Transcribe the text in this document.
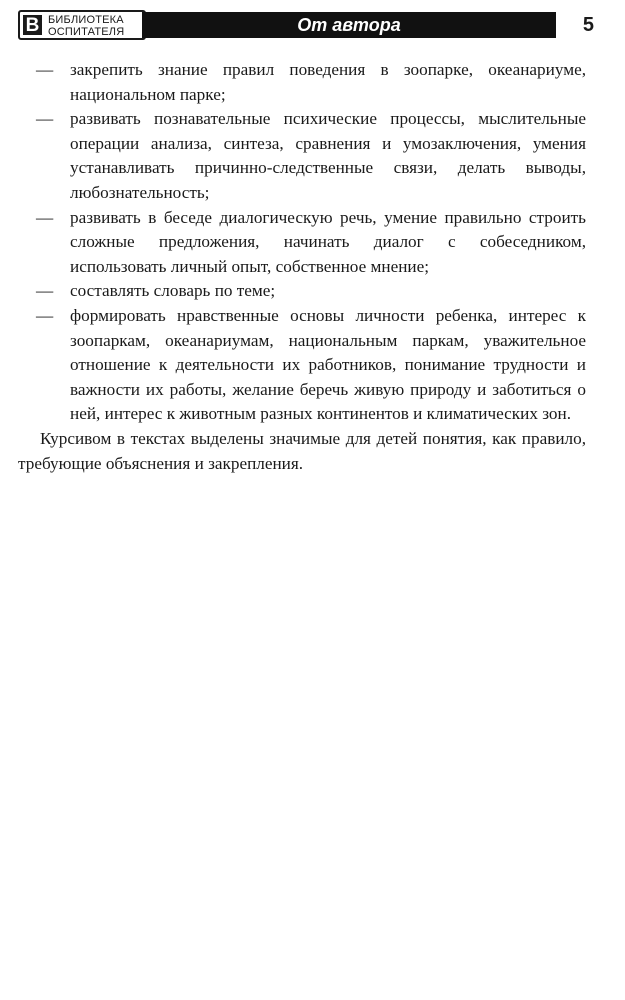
В БИБЛИОТЕКА
ОСПИТАТЕЛЯ	От автора	5
— закрепить знание правил поведения в зоопарке, океанариуме, национальном парке;
— развивать познавательные психические процессы, мыслительные операции анализа, синтеза, сравнения и умозаключения, умения устанавливать причинно-следственные связи, делать выводы, любознательность;
— развивать в беседе диалогическую речь, умение правильно строить сложные предложения, начинать диалог с собеседником, использовать личный опыт, собственное мнение;
— составлять словарь по теме;
— формировать нравственные основы личности ребенка, интерес к зоопаркам, океанариумам, национальным паркам, уважительное отношение к деятельности их работников, понимание трудности и важности их работы, желание беречь живую природу и заботиться о ней, интерес к животным разных континентов и климатических зон.

Курсивом в текстах выделены значимые для детей понятия, как правило, требующие объяснения и закрепления.
